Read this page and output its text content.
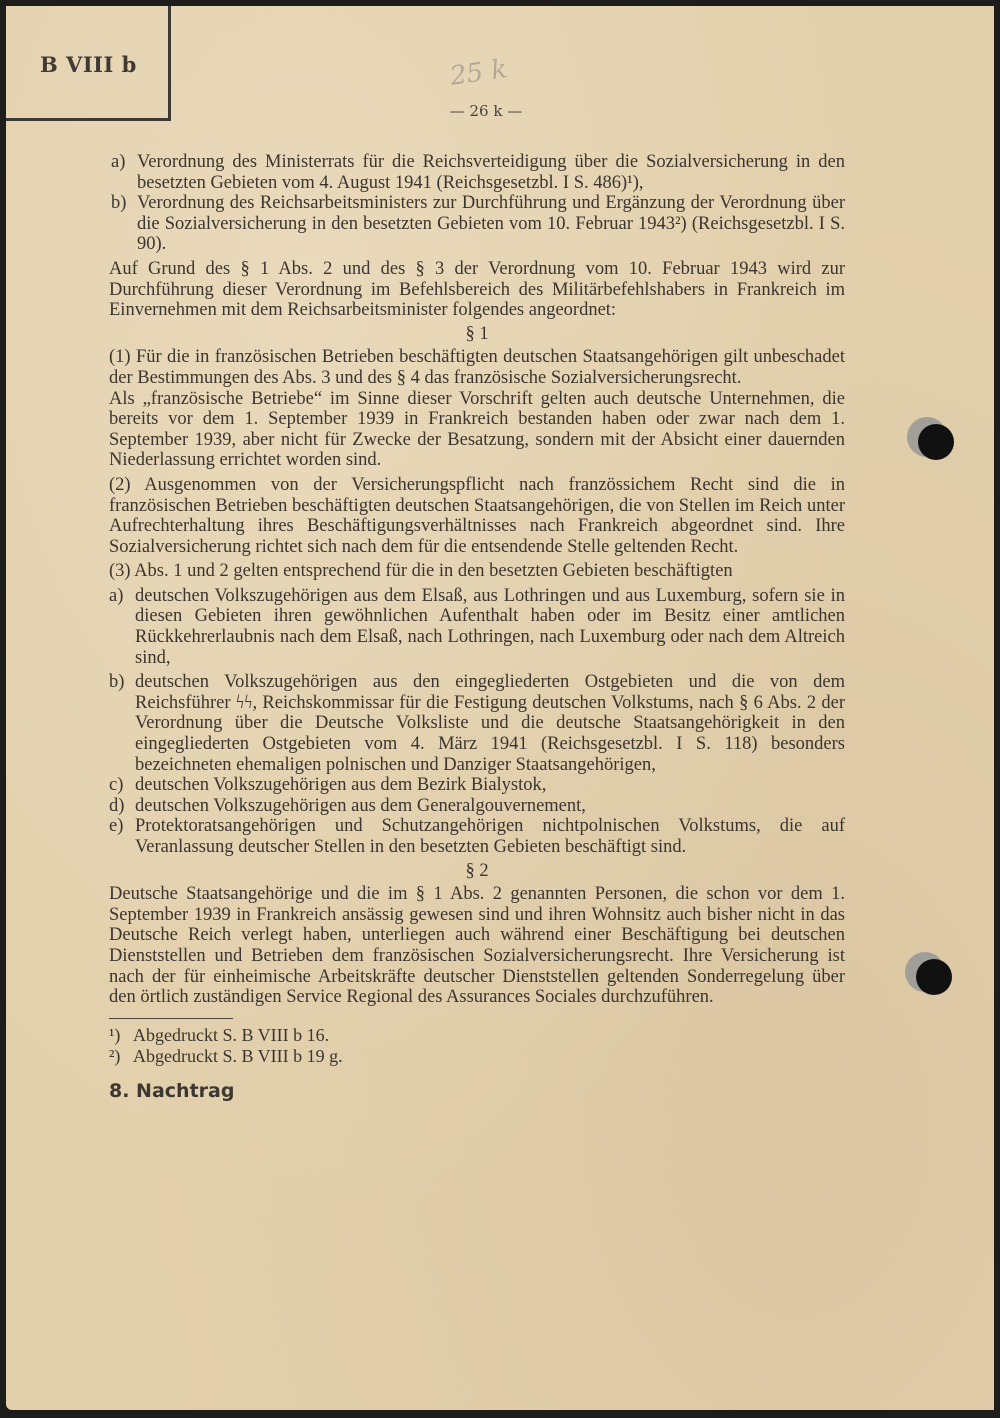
B VIII b	25 k
— 26 k —
a) Verordnung des Ministerrats für die Reichsverteidigung über die Sozialversicherung in den besetzten Gebieten vom 4. August 1941 (Reichsgesetzbl. I S. 486)¹),
b) Verordnung des Reichsarbeitsministers zur Durchführung und Ergänzung der Verordnung über die Sozialversicherung in den besetzten Gebieten vom 10. Februar 1943²) (Reichsgesetzbl. I S. 90).

Auf Grund des § 1 Abs. 2 und des § 3 der Verordnung vom 10. Februar 1943 wird zur Durchführung dieser Verordnung im Befehlsbereich des Militärbefehlshabers in Frankreich im Einvernehmen mit dem Reichsarbeitsminister folgendes angeordnet:

§ 1

(1) Für die in französischen Betrieben beschäftigten deutschen Staatsangehörigen gilt unbeschadet der Bestimmungen des Abs. 3 und des § 4 das französische Sozialversicherungsrecht.

Als „französische Betriebe“ im Sinne dieser Vorschrift gelten auch deutsche Unternehmen, die bereits vor dem 1. September 1939 in Frankreich bestanden haben oder zwar nach dem 1. September 1939, aber nicht für Zwecke der Besatzung, sondern mit der Absicht einer dauernden Niederlassung errichtet worden sind.

(2) Ausgenommen von der Versicherungspflicht nach französsichem Recht sind die in französischen Betrieben beschäftigten deutschen Staatsangehörigen, die von Stellen im Reich unter Aufrechterhaltung ihres Beschäftigungsverhältnisses nach Frankreich abgeordnet sind. Ihre Sozialversicherung richtet sich nach dem für die entsendende Stelle geltenden Recht.

(3) Abs. 1 und 2 gelten entsprechend für die in den besetzten Gebieten beschäftigten

a) deutschen Volkszugehörigen aus dem Elsaß, aus Lothringen und aus Luxemburg, sofern sie in diesen Gebieten ihren gewöhnlichen Aufenthalt haben oder im Besitz einer amtlichen Rückkehrerlaubnis nach dem Elsaß, nach Lothringen, nach Luxemburg oder nach dem Altreich sind,
b) deutschen Volkszugehörigen aus den eingegliederten Ostgebieten und die von dem Reichsführer ϟϟ, Reichskommissar für die Festigung deutschen Volkstums, nach § 6 Abs. 2 der Verordnung über die Deutsche Volksliste und die deutsche Staatsangehörigkeit in den eingegliederten Ostgebieten vom 4. März 1941 (Reichsgesetzbl. I S. 118) besonders bezeichneten ehemaligen polnischen und Danziger Staatsangehörigen,
c) deutschen Volkszugehörigen aus dem Bezirk Bialystok,
d) deutschen Volkszugehörigen aus dem Generalgouvernement,
e) Protektoratsangehörigen und Schutzangehörigen nichtpolnischen Volkstums, die auf Veranlassung deutscher Stellen in den besetzten Gebieten beschäftigt sind.
§ 2

Deutsche Staatsangehörige und die im § 1 Abs. 2 genannten Personen, die schon vor dem 1. September 1939 in Frankreich ansässig gewesen sind und ihren Wohnsitz auch bisher nicht in das Deutsche Reich verlegt haben, unterliegen auch während einer Beschäftigung bei deutschen Dienststellen und Betrieben dem französischen Sozialversicherungsrecht. Ihre Versicherung ist nach der für einheimische Arbeitskräfte deutscher Dienststellen geltenden Sonderregelung über den örtlich zuständigen Service Regional des Assurances Sociales durchzuführen.

¹) Abgedruckt S. B VIII b 16.
²) Abgedruckt S. B VIII b 19 g.
8. Nachtrag
